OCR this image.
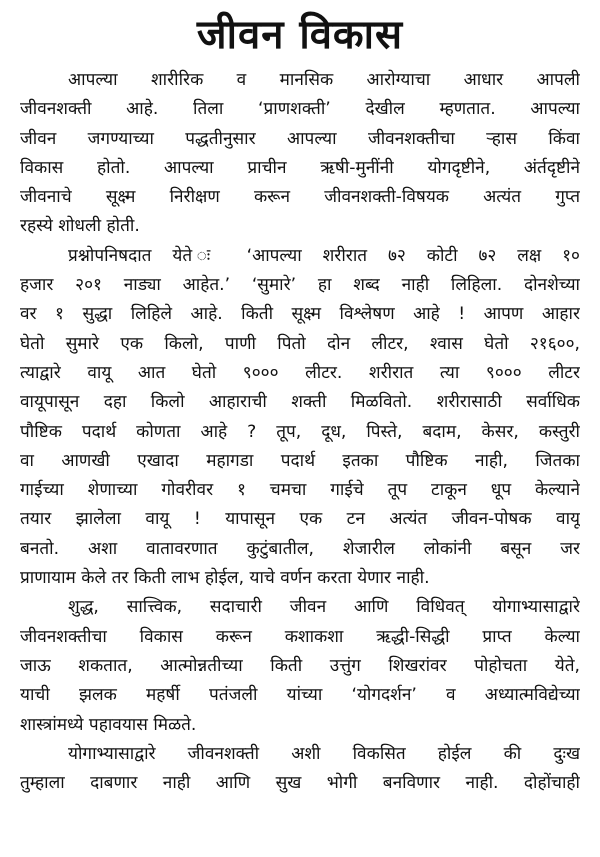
जीवन विकास

आपल्या शारीरिक व मानसिक आरोग्याचा आधार आपली
जीवनशक्ती आहे. तिला ‘प्राणशक्ती’ देखील म्हणतात. आपल्या
जीवन जगण्याच्या पद्धतीनुसार आपल्या जीवनशक्तीचा ऱ्हास किंवा
विकास होतो. आपल्या प्राचीन ऋषी-मुनींनी योगदृष्टीने, अंर्तदृष्टीने
जीवनाचे सूक्ष्म निरीक्षण करून जीवनशक्ती-विषयक अत्यंत गुप्त
रहस्ये शोधली होती.

प्रश्नोपनिषदात येते ः ‘आपल्या शरीरात ७२ कोटी ७२ लक्ष १०
हजार २०१ नाड्या आहेत.’ ‘सुमारे’ हा शब्द नाही लिहिला. दोनशेच्या
वर १ सुद्धा लिहिले आहे. किती सूक्ष्म विश्लेषण आहे ! आपण आहार
घेतो सुमारे एक किलो, पाणी पितो दोन लीटर, श्वास घेतो २१६००,
त्याद्वारे वायू आत घेतो ९००० लीटर. शरीरात त्या ९००० लीटर
वायूपासून दहा किलो आहाराची शक्ती मिळवितो. शरीरासाठी सर्वाधिक
पौष्टिक पदार्थ कोणता आहे ? तूप, दूध, पिस्ते, बदाम, केसर, कस्तुरी
वा आणखी एखादा महागडा पदार्थ इतका पौष्टिक नाही, जितका
गाईच्या शेणाच्या गोवरीवर १ चमचा गाईचे तूप टाकून धूप केल्याने
तयार झालेला वायू ! यापासून एक टन अत्यंत जीवन-पोषक वायू
बनतो. अशा वातावरणात कुटुंबातील, शेजारील लोकांनी बसून जर
प्राणायाम केले तर किती लाभ होईल, याचे वर्णन करता येणार नाही.

शुद्ध, सात्त्विक, सदाचारी जीवन आणि विधिवत् योगाभ्यासाद्वारे
जीवनशक्तीचा विकास करून कशाकशा ऋद्धी-सिद्धी प्राप्त केल्या
जाऊ शकतात, आत्मोन्नतीच्या किती उत्तुंग शिखरांवर पोहोचता येते,
याची झलक महर्षी पतंजली यांच्या ‘योगदर्शन’ व अध्यात्मविद्येच्या
शास्त्रांमध्ये पहावयास मिळते.

योगाभ्यासाद्वारे जीवनशक्ती अशी विकसित होईल की दुःख
तुम्हाला दाबणार नाही आणि सुख भोगी बनविणार नाही. दोहोंचाही
